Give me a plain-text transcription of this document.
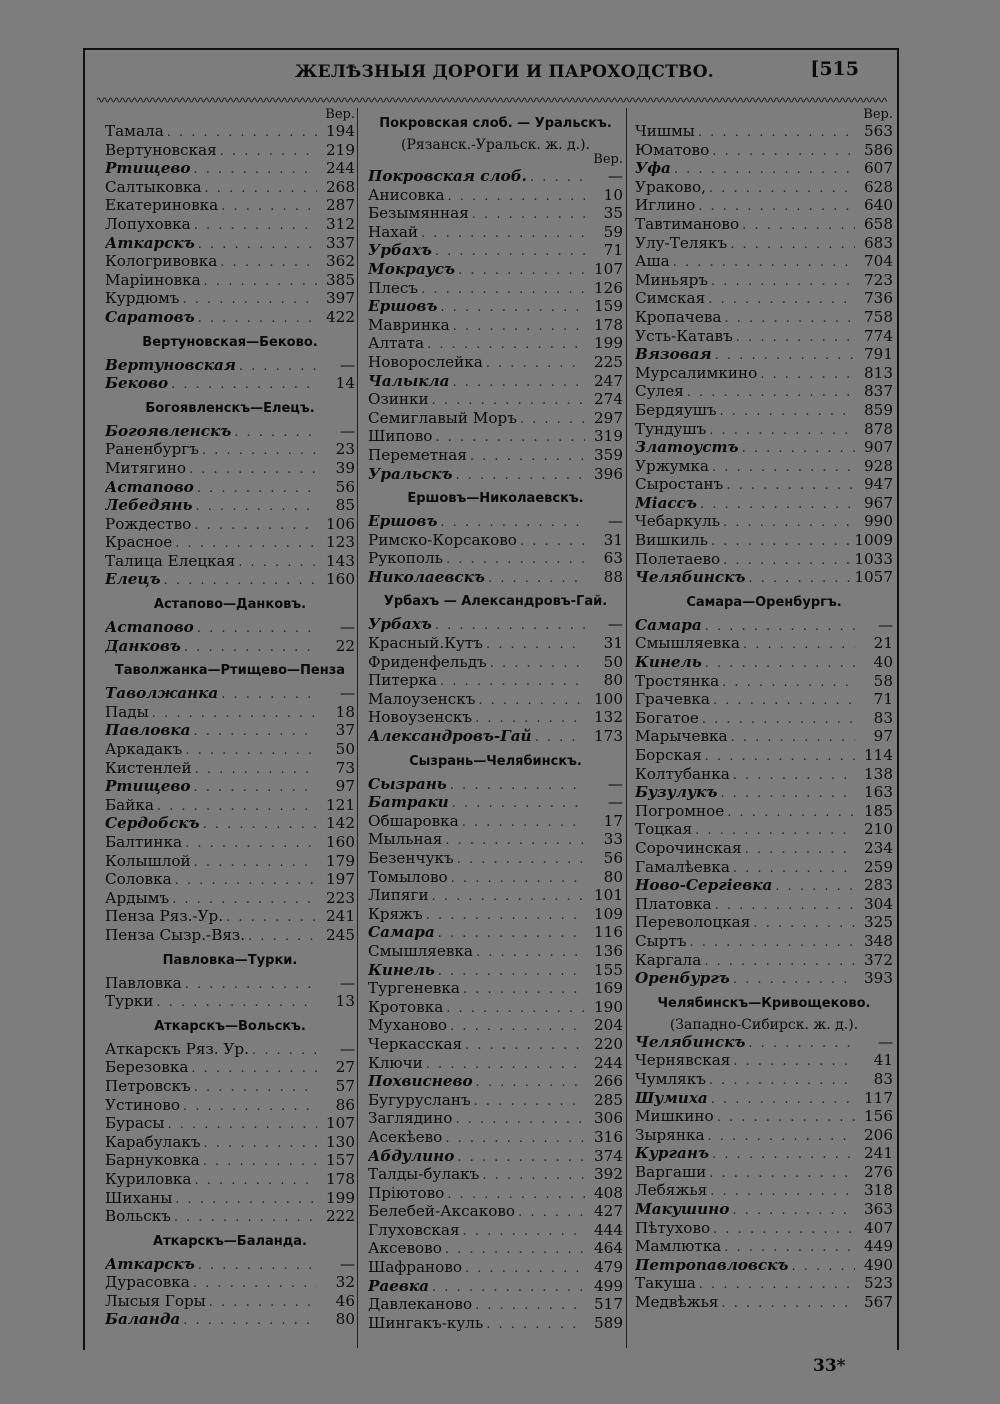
ЖЕЛѢЗНЫЯ ДОРОГИ И ПАРОХОДСТВО.	[515
Вер.
Тамала . . .	194
Вертуновская . . .	219
Ртищево . . .	244
Салтыковка . . .	268
Екатериновка . . .	287
Лопуховка . . .	312
Аткарскъ . . .	337
Кологривовка . . .	362
Маріиновка . . .	385
Курдюмъ . . .	397
Саратовъ . . .	422
Вертуновская—Беково.
Вертуновская . . .	—
Беково . . .	14
Богоявленскъ—Елецъ.
Богоявленскъ . . .	—
Раненбургъ . . .	23
Митягино . . .	39
Астапово . . .	56
Лебедянь . . .	85
Рождество . . .	106
Красное . . .	123
Талица Елецкая . . .	143
Елецъ . . .	160
Астапово—Данковъ.
Астапово . . .	—
Данковъ . . .	22
Таволжанка—Ртищево—Пенза
Таволжанка . . .	—
Пады . . .	18
Павловка . . .	37
Аркадакъ . . .	50
Кистенлей . . .	73
Ртищево . . .	97
Байка . . .	121
Сердобскъ . . .	142
Балтинка . . .	160
Колышлой . . .	179
Соловка . . .	197
Ардымъ . . .	223
Пенза Ряз.-Ур. . . .	241
Пенза Сызр.-Вяз. . . .	245
Павловка—Турки.
Павловка . . .	—
Турки . . .	13
Аткарскъ—Вольскъ.
Аткарскъ Ряз. Ур. . . .	—
Березовка . . .	27
Петровскъ . . .	57
Устиново . . .	86
Бурасы . . .	107
Карабулакъ . . .	130
Барнуковка . . .	157
Куриловка . . .	178
Шиханы . . .	199
Вольскъ . . .	222
Аткарскъ—Баланда.
Аткарскъ . . .	—
Дурасовка . . .	32
Лысыя Горы . . .	46
Баланда . . .	80
Покровская слоб. — Уральскъ.
(Рязанск.-Уральск. ж. д.).
Вер.
Покровская слоб. . . .	—
Анисовка . . .	10
Безымянная . . .	35
Нахай . . .	59
Урбахъ . . .	71
Мокраусъ . . .	107
Плесъ . . .	126
Ершовъ . . .	159
Мавринка . . .	178
Алтата . . .	199
Новорослейка . . .	225
Чалыкла . . .	247
Озинки . . .	274
Семиглавый Моръ . . .	297
Шипово . . .	319
Переметная . . .	359
Уральскъ . . .	396
Ершовъ—Николаевскъ.
Ершовъ . . .	—
Римско-Корсаково . . .	31
Рукополь . . .	63
Николаевскъ . . .	88
Урбахъ — Александровъ-Гай.
Урбахъ . . .	—
Красный.Кутъ . . .	31
Фриденфельдъ . . .	50
Питерка . . .	80
Малоузенскъ . . .	100
Новоузенскъ . . .	132
Александровъ-Гай . . .	173
Сызрань—Челябинскъ.
Сызрань . . .	—
Батраки . . .	—
Обшаровка . . .	17
Мыльная . . .	33
Безенчукъ . . .	56
Томылово . . .	80
Липяги . . .	101
Кряжъ . . .	109
Самара . . .	116
Смышляевка . . .	136
Кинель . . .	155
Тургеневка . . .	169
Кротовка . . .	190
Муханово . . .	204
Черкасская . . .	220
Ключи . . .	244
Похвиснево . . .	266
Бугурусланъ . . .	285
Заглядино . . .	306
Асекѣево . . .	316
Абдулино . . .	374
Талды-булакъ . . .	392
Пріютово . . .	408
Белебей-Аксаково . . .	427
Глуховская . . .	444
Аксевово . . .	464
Шафраново . . .	479
Раевка . . .	499
Давлеканово . . .	517
Шингакъ-куль . . .	589
Вер.
Чишмы . . .	563
Юматово . . .	586
Уфа . . .	607
Ураково, . . .	628
Иглино . . .	640
Тавтиманово . . .	658
Улу-Телякъ . . .	683
Аша . . .	704
Миньяръ . . .	723
Симская . . .	736
Кропачева . . .	758
Усть-Катавъ . . .	774
Вязовая . . .	791
Мурсалимкино . . .	813
Сулея . . .	837
Бердяушъ . . .	859
Тундушъ . . .	878
Златоустъ . . .	907
Уржумка . . .	928
Сыростанъ . . .	947
Міассъ . . .	967
Чебаркуль . . .	990
Вишкиль . . .	1009
Полетаево . . .	1033
Челябинскъ . . .	1057
Самара—Оренбургъ.
Самара . . .	—
Смышляевка . . .	21
Кинель . . .	40
Тростянка . . .	58
Грачевка . . .	71
Богатое . . .	83
Марычевка . . .	97
Борская . . .	114
Колтубанка . . .	138
Бузулукъ . . .	163
Погромное . . .	185
Тоцкая . . .	210
Сорочинская . . .	234
Гамалѣевка . . .	259
Ново-Сергіевка . . .	283
Платовка . . .	304
Переволоцкая . . .	325
Сыртъ . . .	348
Каргала . . .	372
Оренбургъ . . .	393
Челябинскъ—Кривощеково.
(Западно-Сибирск. ж. д.).
Челябинскъ . . .	—
Чернявская . . .	41
Чумлякъ . . .	83
Шумиха . . .	117
Мишкино . . .	156
Зырянка . . .	206
Курганъ . . .	241
Варгаши . . .	276
Лебяжья . . .	318
Макушино . . .	363
Пѣтухово . . .	407
Мамлютка . . .	449
Петропавловскъ . . .	490
Такуша . . .	523
Медвѣжья . . .	567
33*
